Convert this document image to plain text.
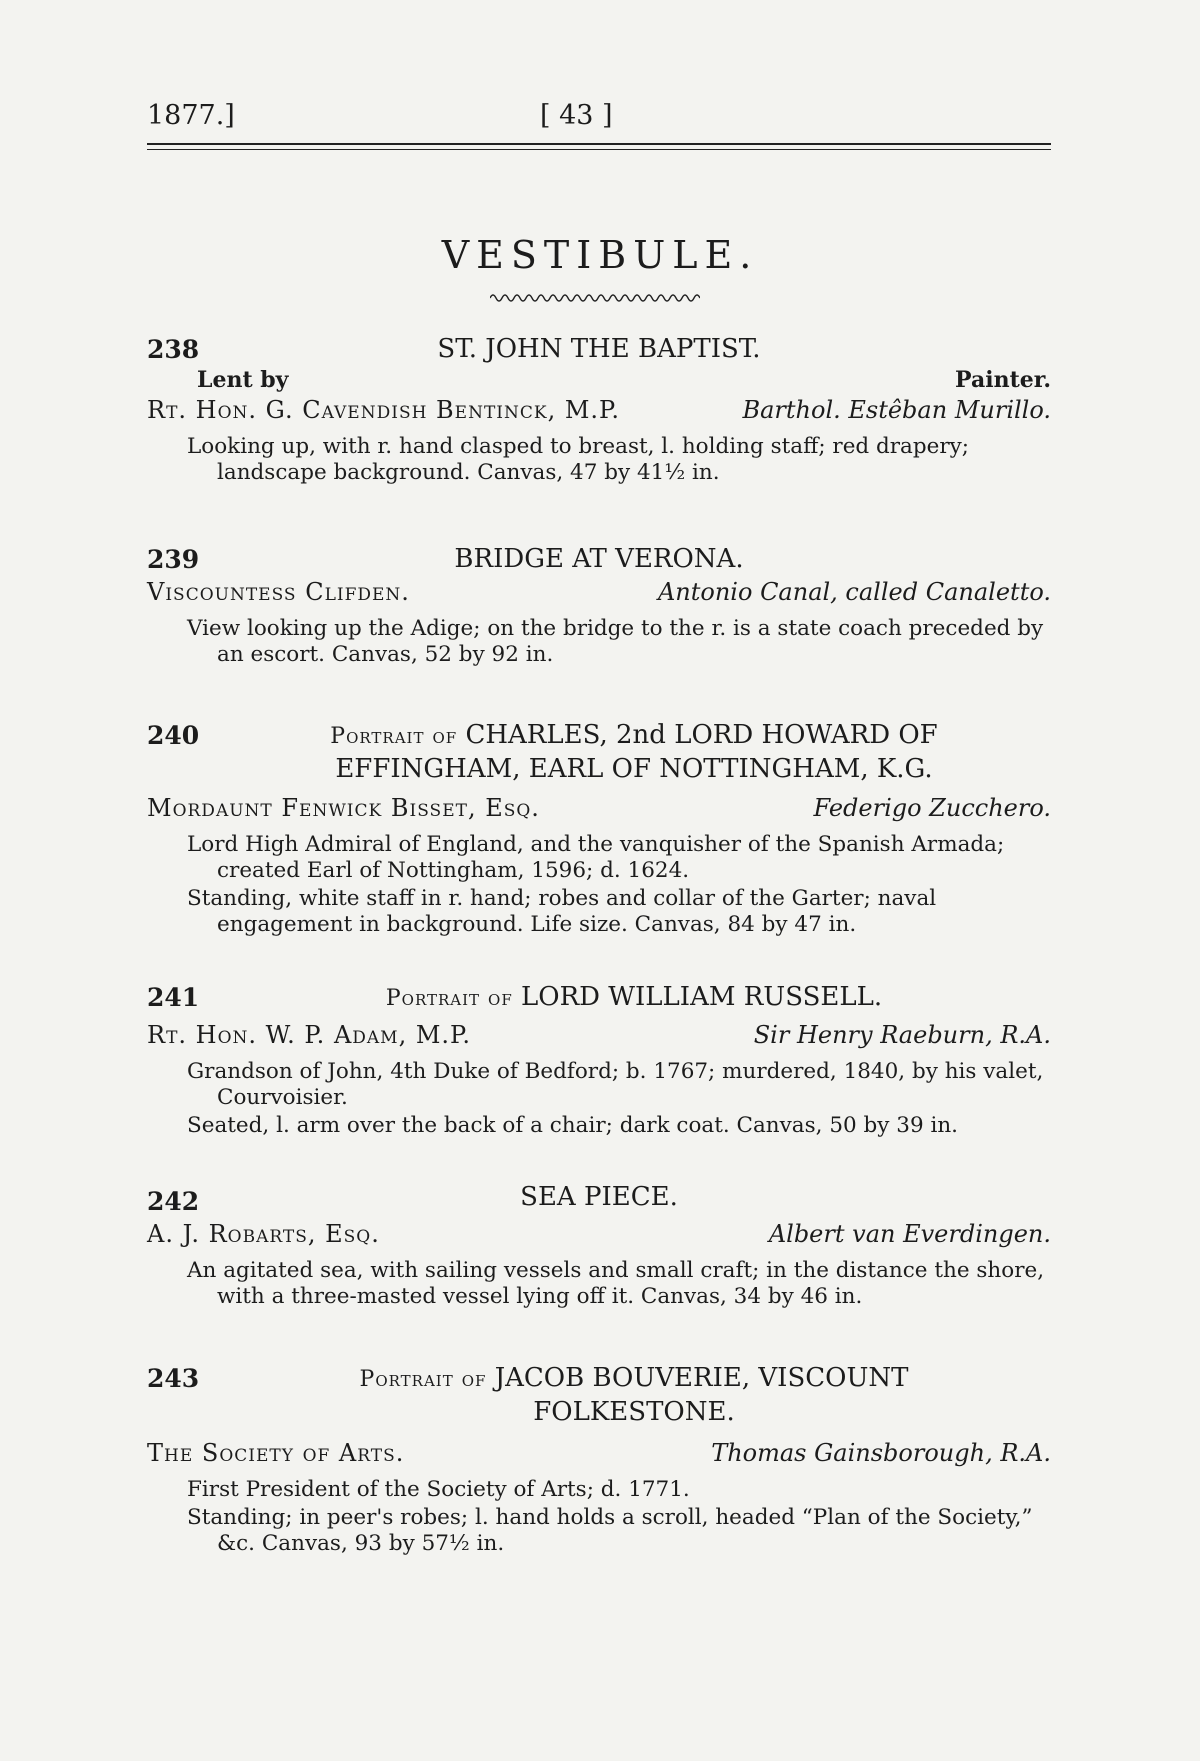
1877.]	[ 43 ]
VESTIBULE.
238	ST. JOHN THE BAPTIST.
Lent by	Painter.
Rt. Hon. G. Cavendish Bentinck, M.P.	Barthol. Estêban Murillo.

Looking up, with r. hand clasped to breast, l. holding staff; red drapery; landscape background. Canvas, 47 by 41½ in.

239	BRIDGE AT VERONA.
Viscountess Clifden.	Antonio Canal, called Canaletto.

View looking up the Adige; on the bridge to the r. is a state coach preceded by an escort. Canvas, 52 by 92 in.

240	Portrait of CHARLES, 2nd LORD HOWARD OF
EFFINGHAM, EARL OF NOTTINGHAM, K.G.
Mordaunt Fenwick Bisset, Esq.	Federigo Zucchero.

Lord High Admiral of England, and the vanquisher of the Spanish Armada; created Earl of Nottingham, 1596; d. 1624.

Standing, white staff in r. hand; robes and collar of the Garter; naval engagement in background. Life size. Canvas, 84 by 47 in.

241	Portrait of LORD WILLIAM RUSSELL.
Rt. Hon. W. P. Adam, M.P.	Sir Henry Raeburn, R.A.

Grandson of John, 4th Duke of Bedford; b. 1767; murdered, 1840, by his valet, Courvoisier.

Seated, l. arm over the back of a chair; dark coat. Canvas, 50 by 39 in.

242	SEA PIECE.
A. J. Robarts, Esq.	Albert van Everdingen.

An agitated sea, with sailing vessels and small craft; in the distance the shore, with a three-masted vessel lying off it. Canvas, 34 by 46 in.

243	Portrait of JACOB BOUVERIE, VISCOUNT
FOLKESTONE.
The Society of Arts.	Thomas Gainsborough, R.A.

First President of the Society of Arts; d. 1771.

Standing; in peer's robes; l. hand holds a scroll, headed “Plan of the Society,” &c. Canvas, 93 by 57½ in.
